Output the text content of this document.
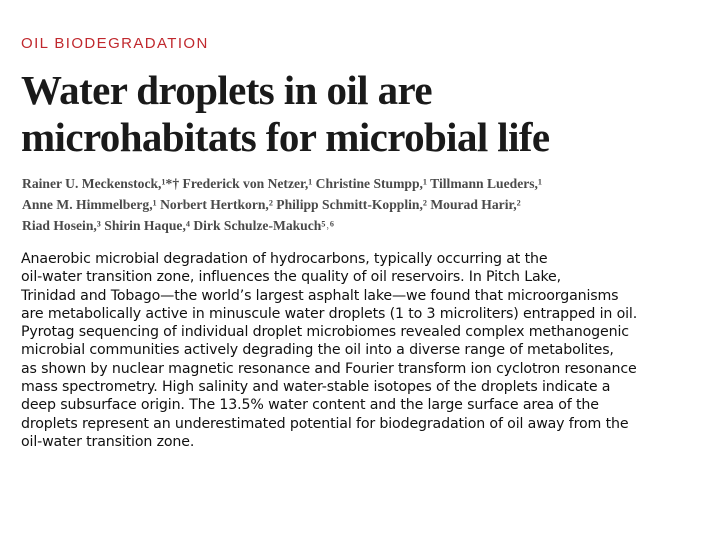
OIL BIODEGRADATION
Water droplets in oil are
microhabitats for microbial life
Rainer U. Meckenstock,¹*† Frederick von Netzer,¹ Christine Stumpp,¹ Tillmann Lueders,¹
Anne M. Himmelberg,¹ Norbert Hertkorn,² Philipp Schmitt-Kopplin,² Mourad Harir,²
Riad Hosein,³ Shirin Haque,⁴ Dirk Schulze-Makuch⁵˒⁶
Anaerobic microbial degradation of hydrocarbons, typically occurring at the
oil-water transition zone, influences the quality of oil reservoirs. In Pitch Lake,
Trinidad and Tobago—the world’s largest asphalt lake—we found that microorganisms
are metabolically active in minuscule water droplets (1 to 3 microliters) entrapped in oil.
Pyrotag sequencing of individual droplet microbiomes revealed complex methanogenic
microbial communities actively degrading the oil into a diverse range of metabolites,
as shown by nuclear magnetic resonance and Fourier transform ion cyclotron resonance
mass spectrometry. High salinity and water-stable isotopes of the droplets indicate a
deep subsurface origin. The 13.5% water content and the large surface area of the
droplets represent an underestimated potential for biodegradation of oil away from the
oil-water transition zone.
